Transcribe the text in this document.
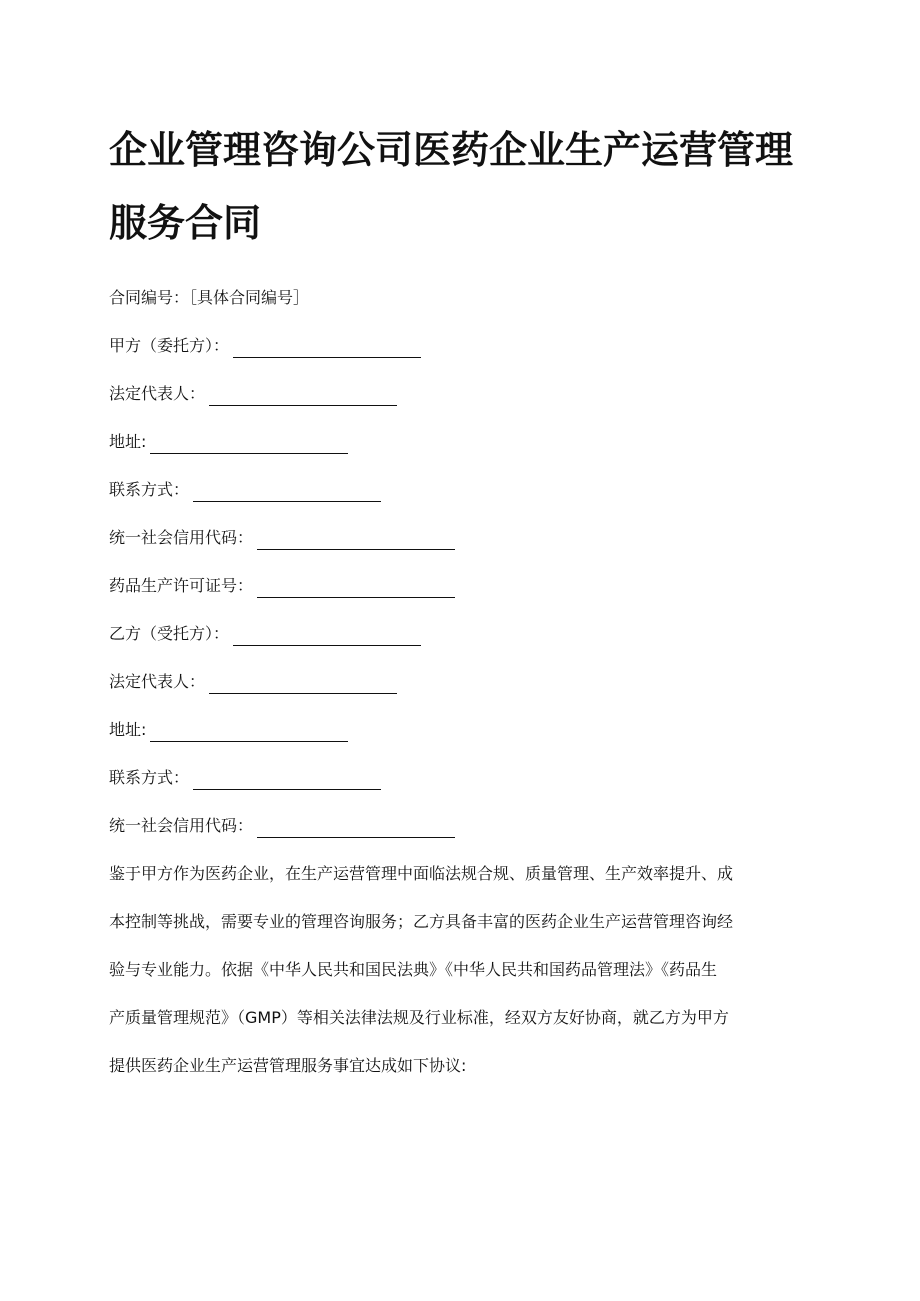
企业管理咨询公司医药企业生产运营管理
服务合同
合同编号：［具体合同编号］
甲方（委托方）：
法定代表人：
地址:
联系方式：
统一社会信用代码：
药品生产许可证号：
乙方（受托方）：
法定代表人：
地址:
联系方式：
统一社会信用代码：
鉴于甲方作为医药企业，在生产运营管理中面临法规合规、质量管理、生产效率提升、成
本控制等挑战，需要专业的管理咨询服务；乙方具备丰富的医药企业生产运营管理咨询经
验与专业能力。依据《中华人民共和国民法典》《中华人民共和国药品管理法》《药品生
产质量管理规范》（GMP）等相关法律法规及行业标准，经双方友好协商，就乙方为甲方
提供医药企业生产运营管理服务事宜达成如下协议:
